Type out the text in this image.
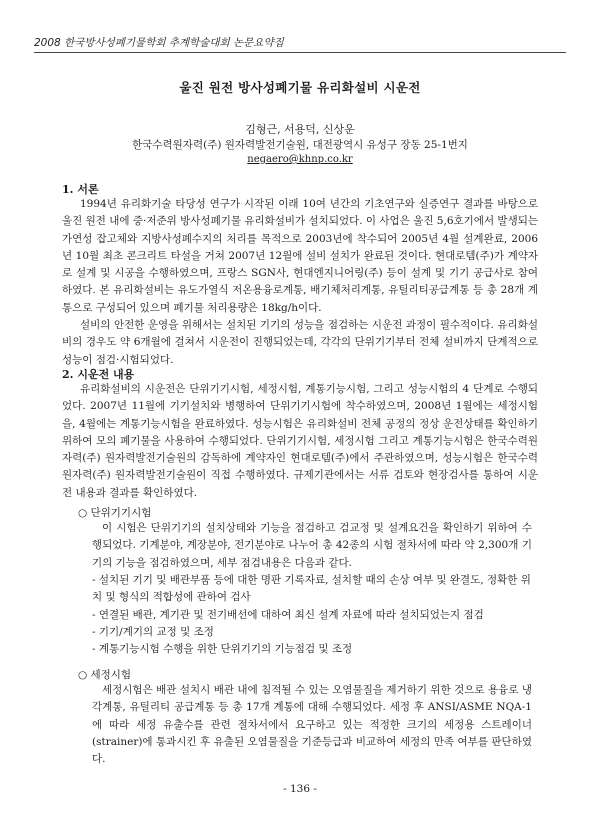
2008 한국방사성폐기물학회 추계학술대회 논문요약집
울진 원전 방사성폐기물 유리화설비 시운전
김형근, 서용덕, 신상운
한국수력원자력(주) 원자력발전기술원, 대전광역시 유성구 장동 25-1번지
negaero@khnp.co.kr
1. 서론

1994년 유리화기술 타당성 연구가 시작된 이래 10여 년간의 기초연구와 실증연구 결과를 바탕으로 울진 원전 내에 중·저준위 방사성폐기물 유리화설비가 설치되었다. 이 사업은 울진 5,6호기에서 발생되는 가연성 잡고체와 지방사성폐수지의 처리를 목적으로 2003년에 착수되어 2005년 4월 설계완료, 2006년 10월 최초 콘크리트 타설을 거쳐 2007년 12월에 설비 설치가 완료된 것이다. 현대로템(주)가 계약자로 설계 및 시공을 수행하였으며, 프랑스 SGN사, 현대엔지니어링(주) 등이 설계 및 기기 공급사로 참여하였다. 본 유리화설비는 유도가열식 저온용융로계통, 배기체처리계통, 유틸리티공급계통 등 총 28개 계통으로 구성되어 있으며 폐기물 처리용량은 18kg/h이다.

설비의 안전한 운영을 위해서는 설치된 기기의 성능을 점검하는 시운전 과정이 필수적이다. 유리화설비의 경우도 약 6개월에 걸쳐서 시운전이 진행되었는데, 각각의 단위기기부터 전체 설비까지 단계적으로 성능이 점검·시험되었다.

2. 시운전 내용

유리화설비의 시운전은 단위기기시험, 세정시험, 계통기능시험, 그리고 성능시험의 4 단계로 수행되었다. 2007년 11월에 기기설치와 병행하여 단위기기시험에 착수하였으며, 2008년 1월에는 세정시험을, 4월에는 계통기능시험을 완료하였다. 성능시험은 유리화설비 전체 공정의 정상 운전상태를 확인하기 위하여 모의 폐기물을 사용하여 수행되었다. 단위기기시험, 세정시험 그리고 계통기능시험은 한국수력원자력(주) 원자력발전기술원의 감독하에 계약자인 현대로템(주)에서 주관하였으며, 성능시험은 한국수력원자력(주) 원자력발전기술원이 직접 수행하였다. 규제기관에서는 서류 검토와 현장검사를 통하여 시운전 내용과 결과를 확인하였다.

○ 단위기기시험

이 시험은 단위기기의 설치상태와 기능을 점검하고 검교정 및 설계요건을 확인하기 위하여 수행되었다. 기계분야, 계장분야, 전기분야로 나누어 총 42종의 시험 절차서에 따라 약 2,300개 기기의 기능을 점검하였으며, 세부 점검내용은 다음과 같다.

- 설치된 기기 및 배관부품 등에 대한 명판 기록자료, 설치할 때의 손상 여부 및 완결도, 정확한 위치 및 형식의 적합성에 관하여 검사
- 연결된 배관, 계기관 및 전기배선에 대하여 최신 설계 자료에 따라 설치되었는지 점검
- 기기/계기의 교정 및 조정
- 계통기능시험 수행을 위한 단위기기의 기능점검 및 조정
○ 세정시험

세정시험은 배관 설치시 배관 내에 침적될 수 있는 오염물질을 제거하기 위한 것으로 용융로 냉각계통, 유틸리티 공급계통 등 총 17개 계통에 대해 수행되었다. 세정 후 ANSI/ASME NQA-1에 따라 세정 유출수를 관련 절차서에서 요구하고 있는 적정한 크기의 세정용 스트레이너(strainer)에 통과시킨 후 유출된 오염물질을 기준등급과 비교하여 세정의 만족 여부를 판단하였다.

- 136 -
